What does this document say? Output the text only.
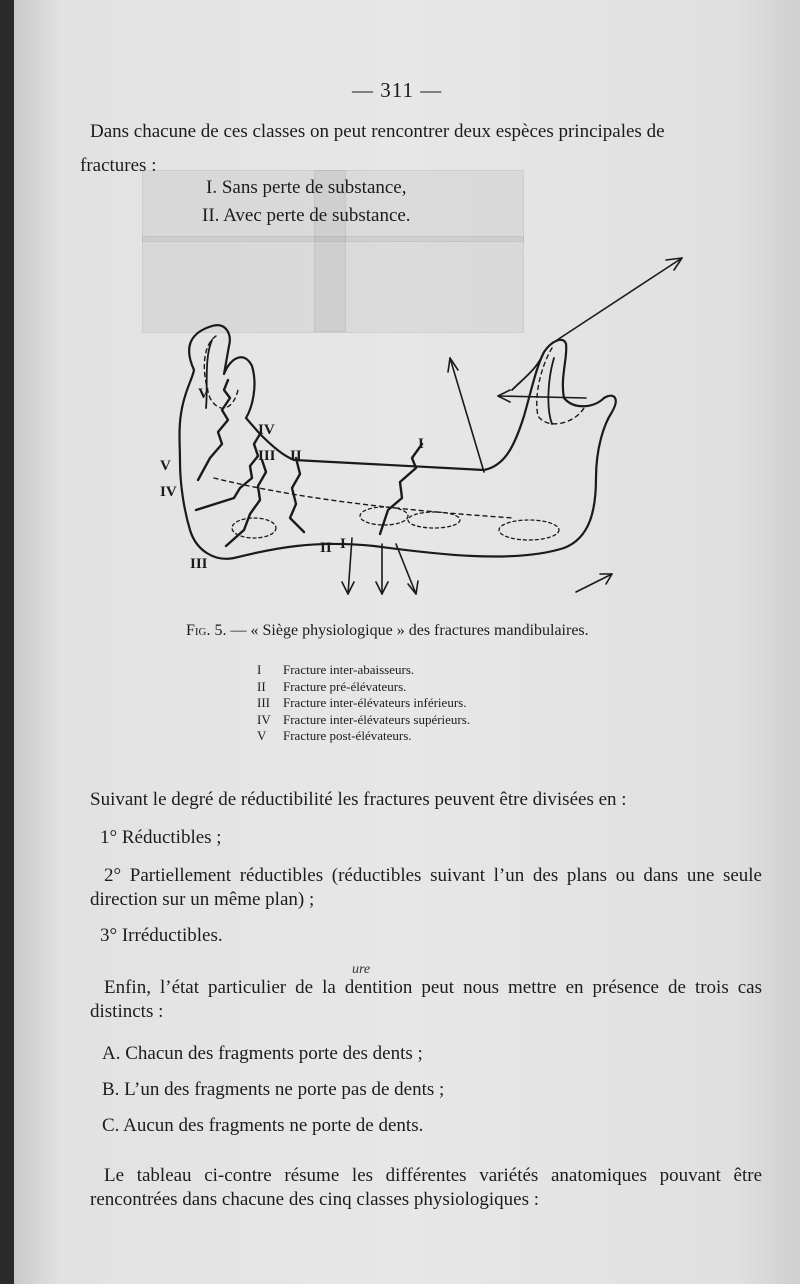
— 311 —
Dans chacune de ces classes on peut rencontrer deux espèces principales de
fractures :
I. Sans perte de substance,
II. Avec perte de substance.
V
V
IV
IV
III
III
II
II
I
I
Fig. 5. — « Siège physiologique » des fractures mandibulaires.
I Fracture inter-abaisseurs.
II Fracture pré-élévateurs.
III Fracture inter-élévateurs inférieurs.
IV Fracture inter-élévateurs supérieurs.
V Fracture post-élévateurs.
Suivant le degré de réductibilité les fractures peuvent être divisées en :
1° Réductibles ;
2° Partiellement réductibles (réductibles suivant l’un des plans ou dans une seule direction sur un même plan) ;
3° Irréductibles.
ure
Enfin, l’état particulier de la dentition peut nous mettre en présence de trois cas distincts :
A. Chacun des fragments porte des dents ;
B. L’un des fragments ne porte pas de dents ;
C. Aucun des fragments ne porte de dents.
Le tableau ci-contre résume les différentes variétés anatomiques pouvant être rencontrées dans chacune des cinq classes physiologiques :
